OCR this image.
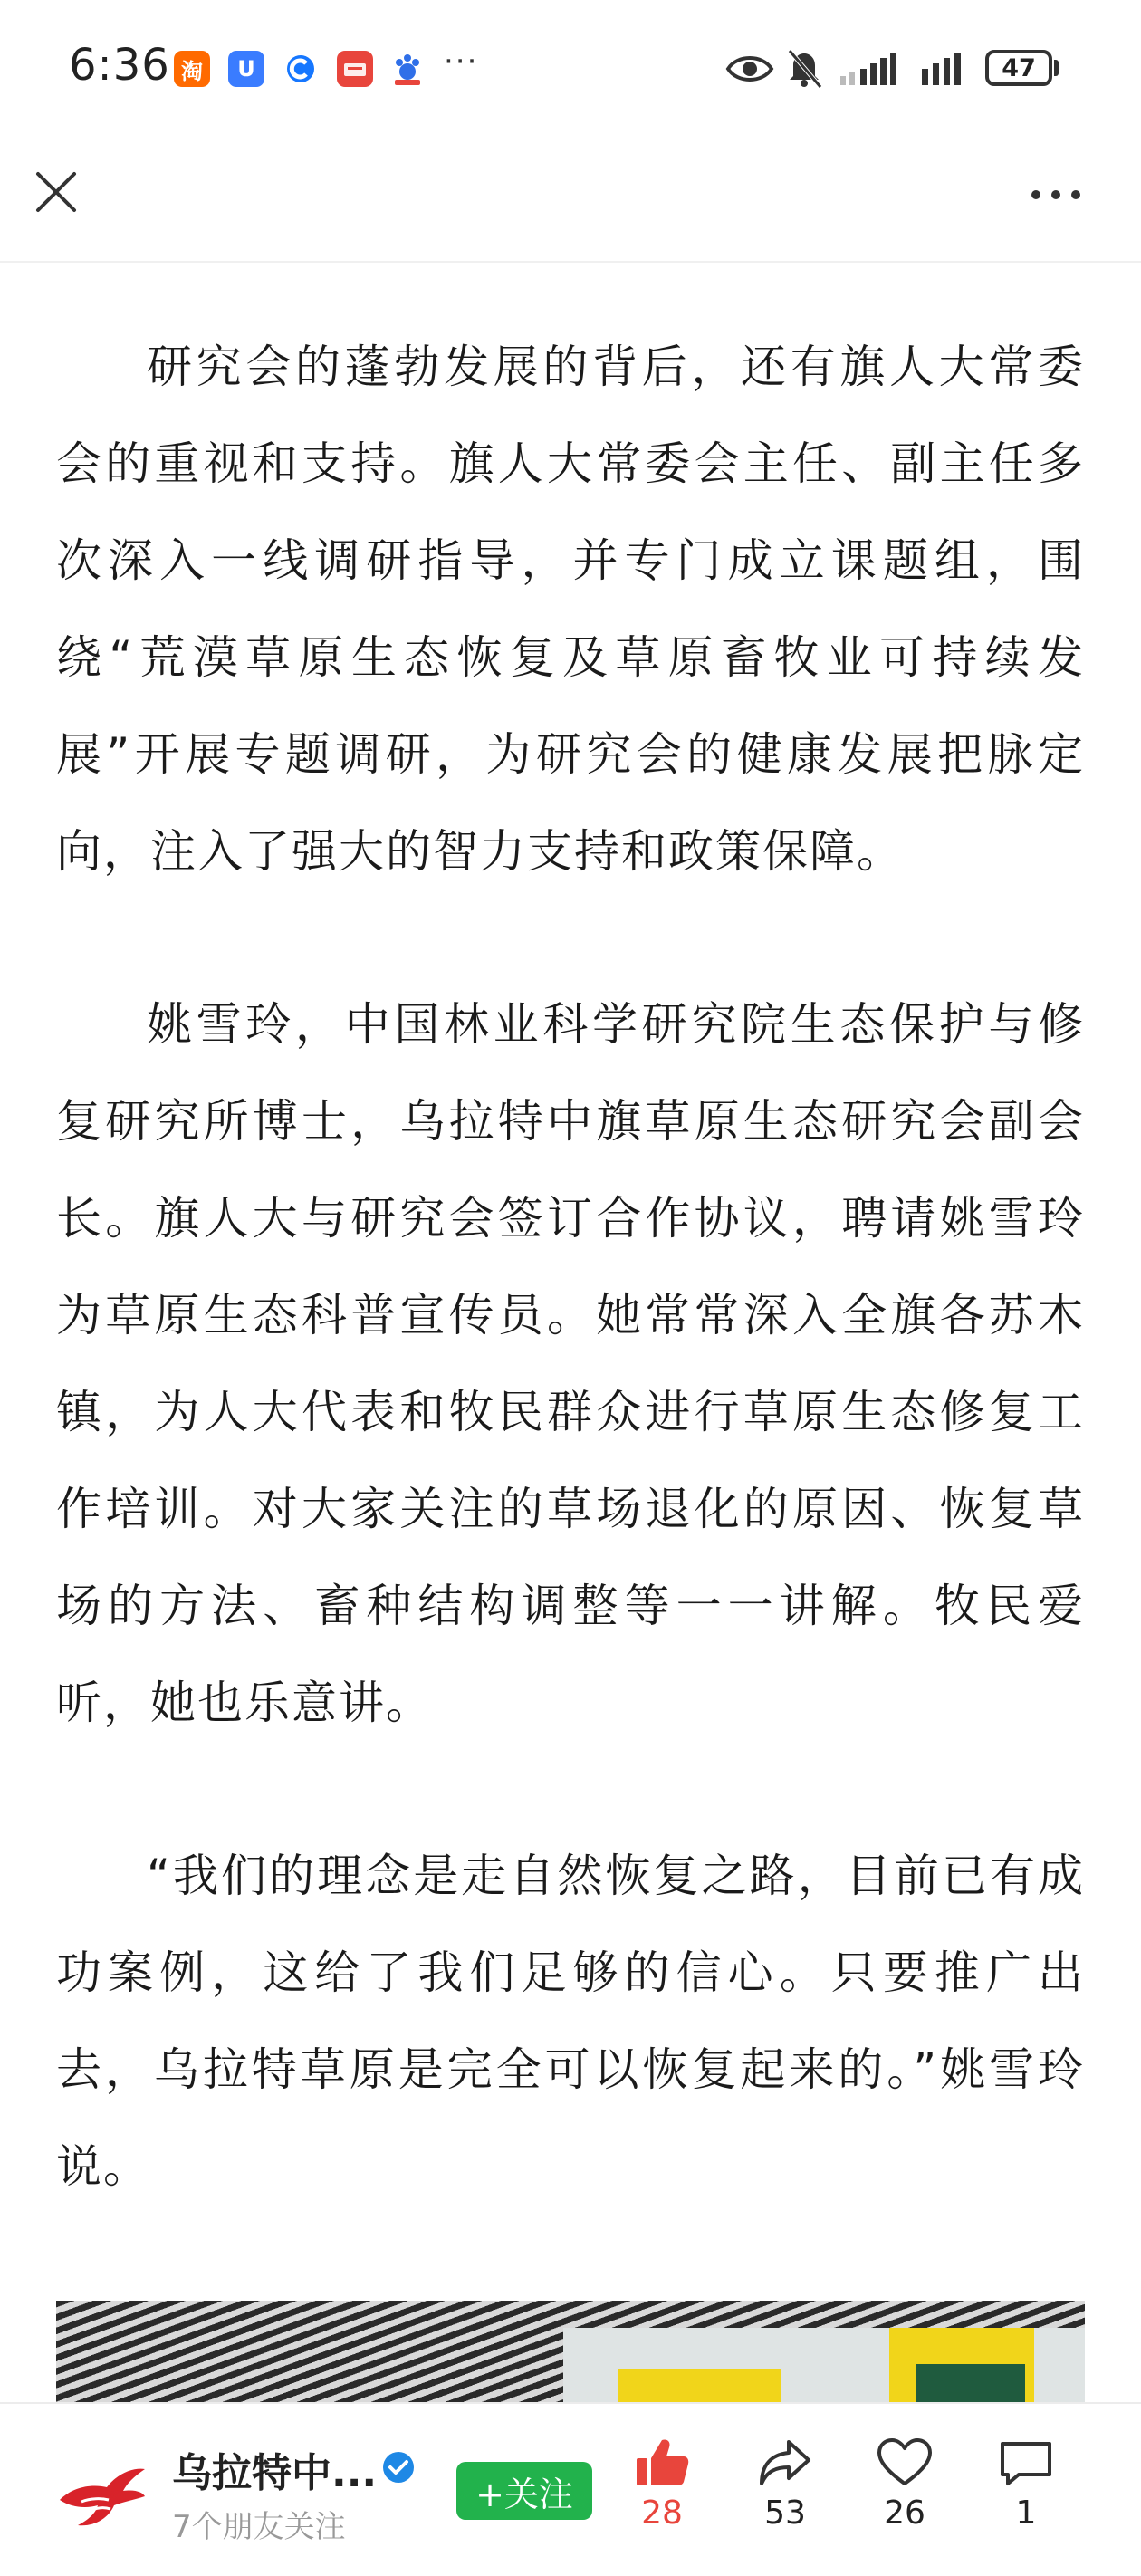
6:36 淘	U	···	47

研究会的蓬勃发展的背后，还有旗人大常委会的重视和支持。旗人大常委会主任、副主任多次深入一线调研指导，并专门成立课题组，围绕“荒漠草原生态恢复及草原畜牧业可持续发展”开展专题调研，为研究会的健康发展把脉定向，注入了强大的智力支持和政策保障。

姚雪玲，中国林业科学研究院生态保护与修复研究所博士，乌拉特中旗草原生态研究会副会长。旗人大与研究会签订合作协议，聘请姚雪玲为草原生态科普宣传员。她常常深入全旗各苏木镇，为人大代表和牧民群众进行草原生态修复工作培训。对大家关注的草场退化的原因、恢复草场的方法、畜种结构调整等一一讲解。牧民爱听，她也乐意讲。

“我们的理念是走自然恢复之路，目前已有成功案例，这给了我们足够的信心。只要推广出去，乌拉特草原是完全可以恢复起来的。”姚雪玲说。

乌拉特中...
7个朋友关注
+关注	28	53	26	1
